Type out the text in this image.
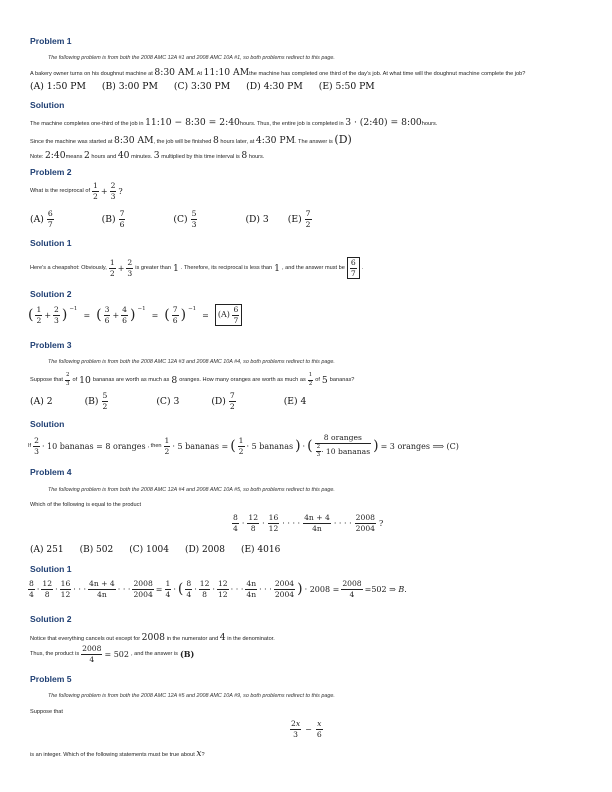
Problem 1
The following problem is from both the 2008 AMC 12A #1 and 2008 AMC 10A #1, so both problems redirect to this page.
A bakery owner turns on his doughnut machine at 8:30 AM. At 11:10 AMthe machine has completed one third of the day's job. At what time will the doughnut machine complete the job?
(A) 1:50 PM (B) 3:00 PM (C) 3:30 PM (D) 4:30 PM (E) 5:50 PM
Solution
The machine completes one-third of the job in 11:10 − 8:30 = 2:40hours. Thus, the entire job is completed in 3 · (2:40) = 8:00hours.
Since the machine was started at 8:30 AM, the job will be finished 8 hours later, at 4:30 PM. The answer is (D)
Note: 2:40means 2 hours and 40 minutes. 3 multiplied by this time interval is 8 hours.
Problem 2
What is the reciprocal of $\frac{1}{2} + \frac{2}{3}$ ?
$(A) \frac{6}{7}$	$(B) \frac{7}{6}$	$(C) \frac{5}{3}$	(D) 3 $(E) \frac{7}{2}$
Solution 1
Here's a cheapshot: Obviously, $\frac{1}{2} + \frac{2}{3}$ is greater than 1 . Therefore, its reciprocal is less than 1 , and the answer must be $\frac{6}{7}$ .
Solution 2
( $\frac{1}{2} + \frac{2}{3}$ ) −1
= ( $\frac{3}{6} + \frac{4}{6}$ ) −1
= ( $\frac{7}{6}$ ) −1
=	$(A) \frac{6}{7}$
Problem 3
The following problem is from both the 2008 AMC 12A #3 and 2008 AMC 10A #4, so both problems redirect to this page.
Suppose that $\frac{2}{3}$ of 10 bananas are worth as much as 8 oranges. How many oranges are worth as much as $\frac{1}{2}$ of 5 bananas?
(A) 2	$(B) \frac{5}{2}$	(C) 3	$(D) \frac{7}{2}$	(E) 4
Solution
If $\frac{2}{3} \cdot 10$ bananas = 8 oranges , then $\frac{1}{2} \cdot 5$ bananas = ( $\frac{1}{2} \cdot 5$ bananas ) · ( $\frac{\text{8 oranges}}{\frac{2}{3} \cdot 10 bananas}$ ) = 3 oranges ⟹ (C)
Problem 4
The following problem is from both the 2008 AMC 12A #4 and 2008 AMC 10A #5, so both problems redirect to this page.
Which of the following is equal to the product
$\frac{8}{4} \cdot \frac{12}{8} \cdot \frac{16}{12}$ · · · · $\frac{4n + 4}{4n}$ · · · · $\frac{2008}{2004}$ ?
(A) 251 (B) 502 (C) 1004 (D) 2008 (E) 4016
Solution 1
$\frac{8}{4} \cdot \frac{12}{8} \cdot \frac{16}{12}$ · · · $\frac{4n + 4}{4n}$ · · · $\frac{2008}{2004} = \frac{1}{4}$ · ( $\frac{8}{4} \cdot \frac{12}{8} \cdot \frac{12}{12}$ · · · $\frac{4n}{4n}$ · · · $\frac{2004}{2004}$ ) · $2008 = \frac{2008}{4} =502$ ⇒ B.
Solution 2
Notice that everything cancels out except for 2008 in the numerator and 4 in the denominator.
Thus, the product is $\frac{2008}{4} = 502$ , and the answer is (B)
Problem 5
The following problem is from both the 2008 AMC 12A #5 and 2008 AMC 10A #9, so both problems redirect to this page.
Suppose that
$\frac{2x}{3} - \frac{x}{6}$
is an integer. Which of the following statements must be true about x?
